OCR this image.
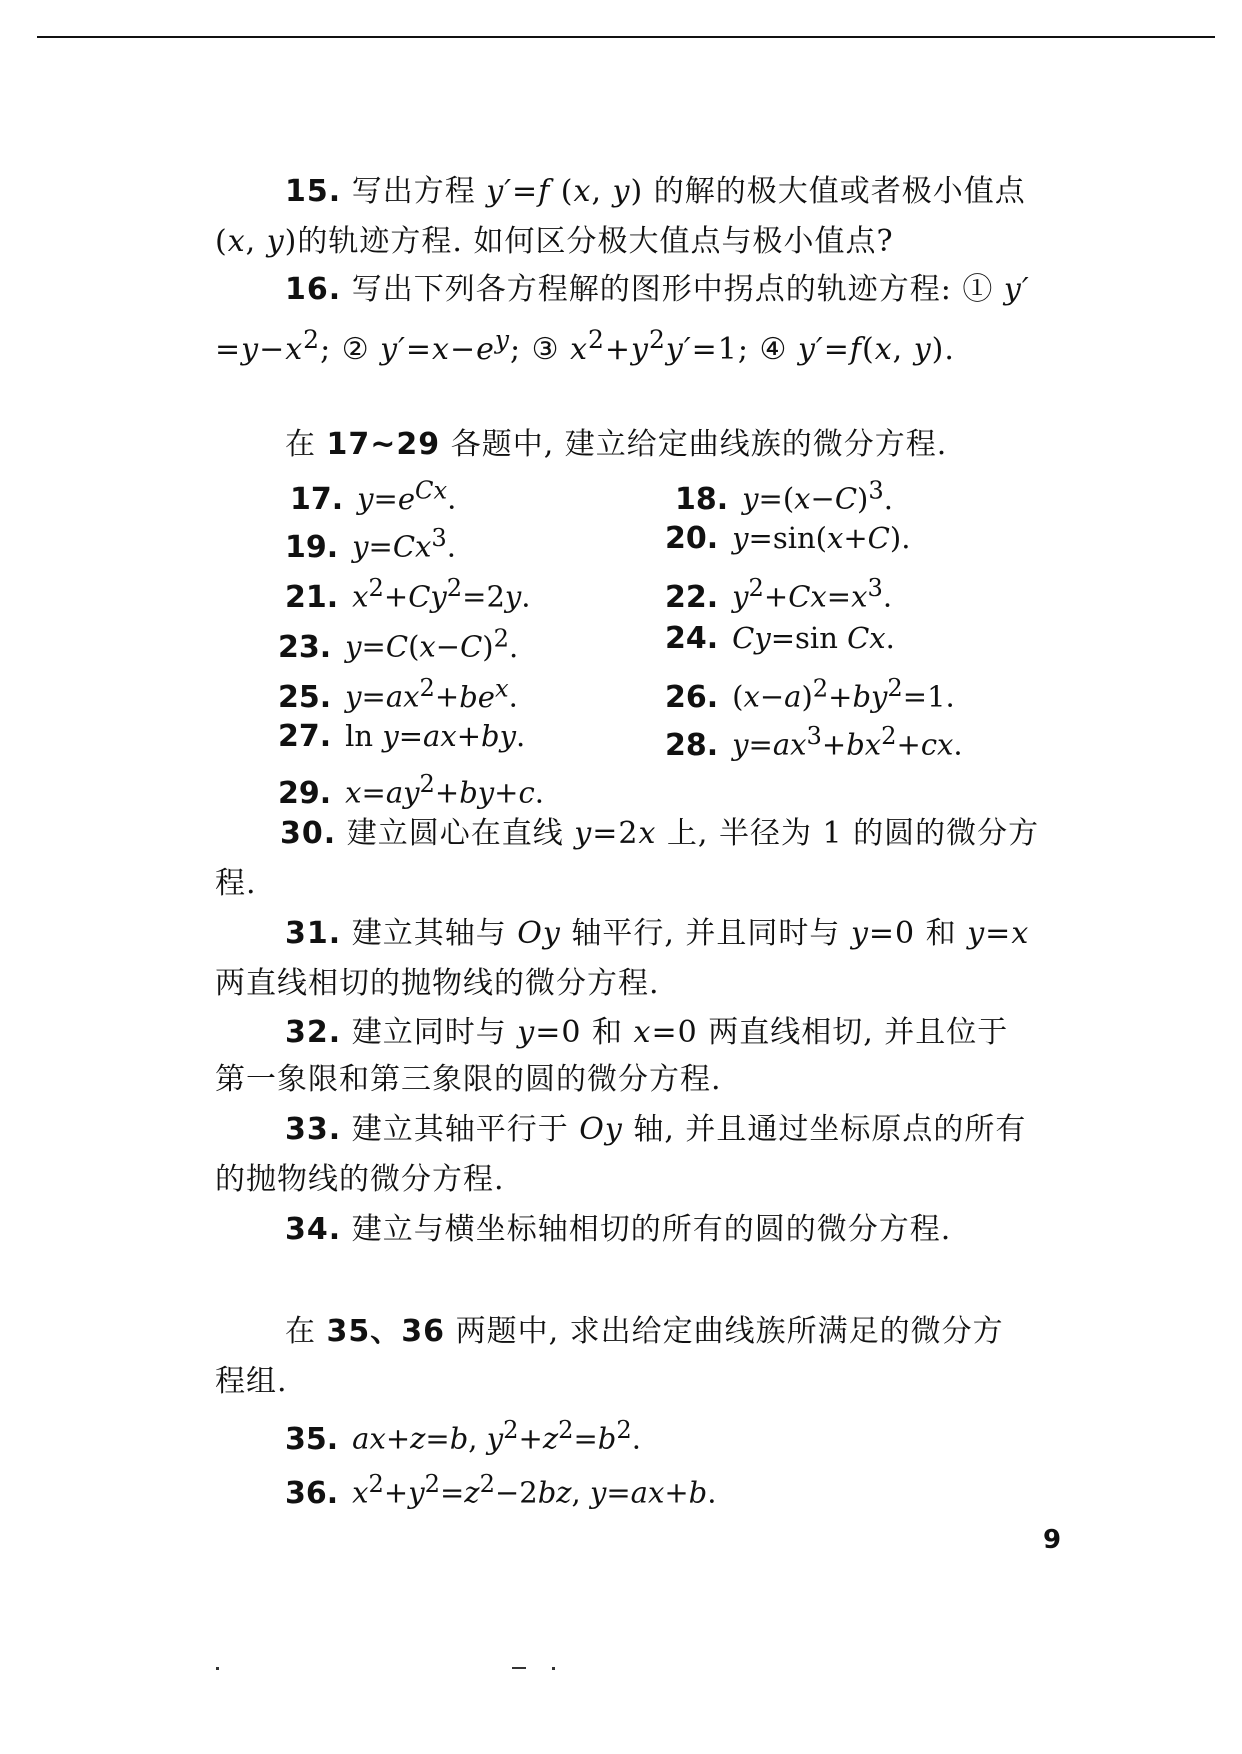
15. 写出方程 y′=f (x, y) 的解的极大值或者极小值点
(x, y)的轨迹方程. 如何区分极大值点与极小值点?
16. 写出下列各方程解的图形中拐点的轨迹方程: ① y′
$=y-x^2$; ② $y'=x-e^y$; ③ $x^2+y^2y'=1$; ④ y′=f(x, y).
在 17~29 各题中, 建立给定曲线族的微分方程.
17. $y=e^{Cx}$.	18. $y=(x-C)^3$.
19. $y=Cx^3$.	20. y=sin(x+C).
21. $x^2+Cy^2=2y$.	22. $y^2+Cx=x^3$.
23. $y=C(x-C)^2$.	24. Cy=sin Cx.
25. $y=ax^2+be^x$.	26. $(x-a)^2+by^2=1$.
27. ln y=ax+by.	28. $y=ax^3+bx^2+cx$.
29. $x=ay^2+by+c$.
30. 建立圆心在直线 y=2x 上, 半径为 1 的圆的微分方
程.
31. 建立其轴与 Oy 轴平行, 并且同时与 y=0 和 y=x
两直线相切的抛物线的微分方程.
32. 建立同时与 y=0 和 x=0 两直线相切, 并且位于
第一象限和第三象限的圆的微分方程.
33. 建立其轴平行于 Oy 轴, 并且通过坐标原点的所有
的抛物线的微分方程.
34. 建立与横坐标轴相切的所有的圆的微分方程.
在 35、36 两题中, 求出给定曲线族所满足的微分方
程组.
35. ax+z=b, $y^2+z^2=b^2$.
36. $x^2+y^2=z^2-2bz$, y=ax+b.
9
